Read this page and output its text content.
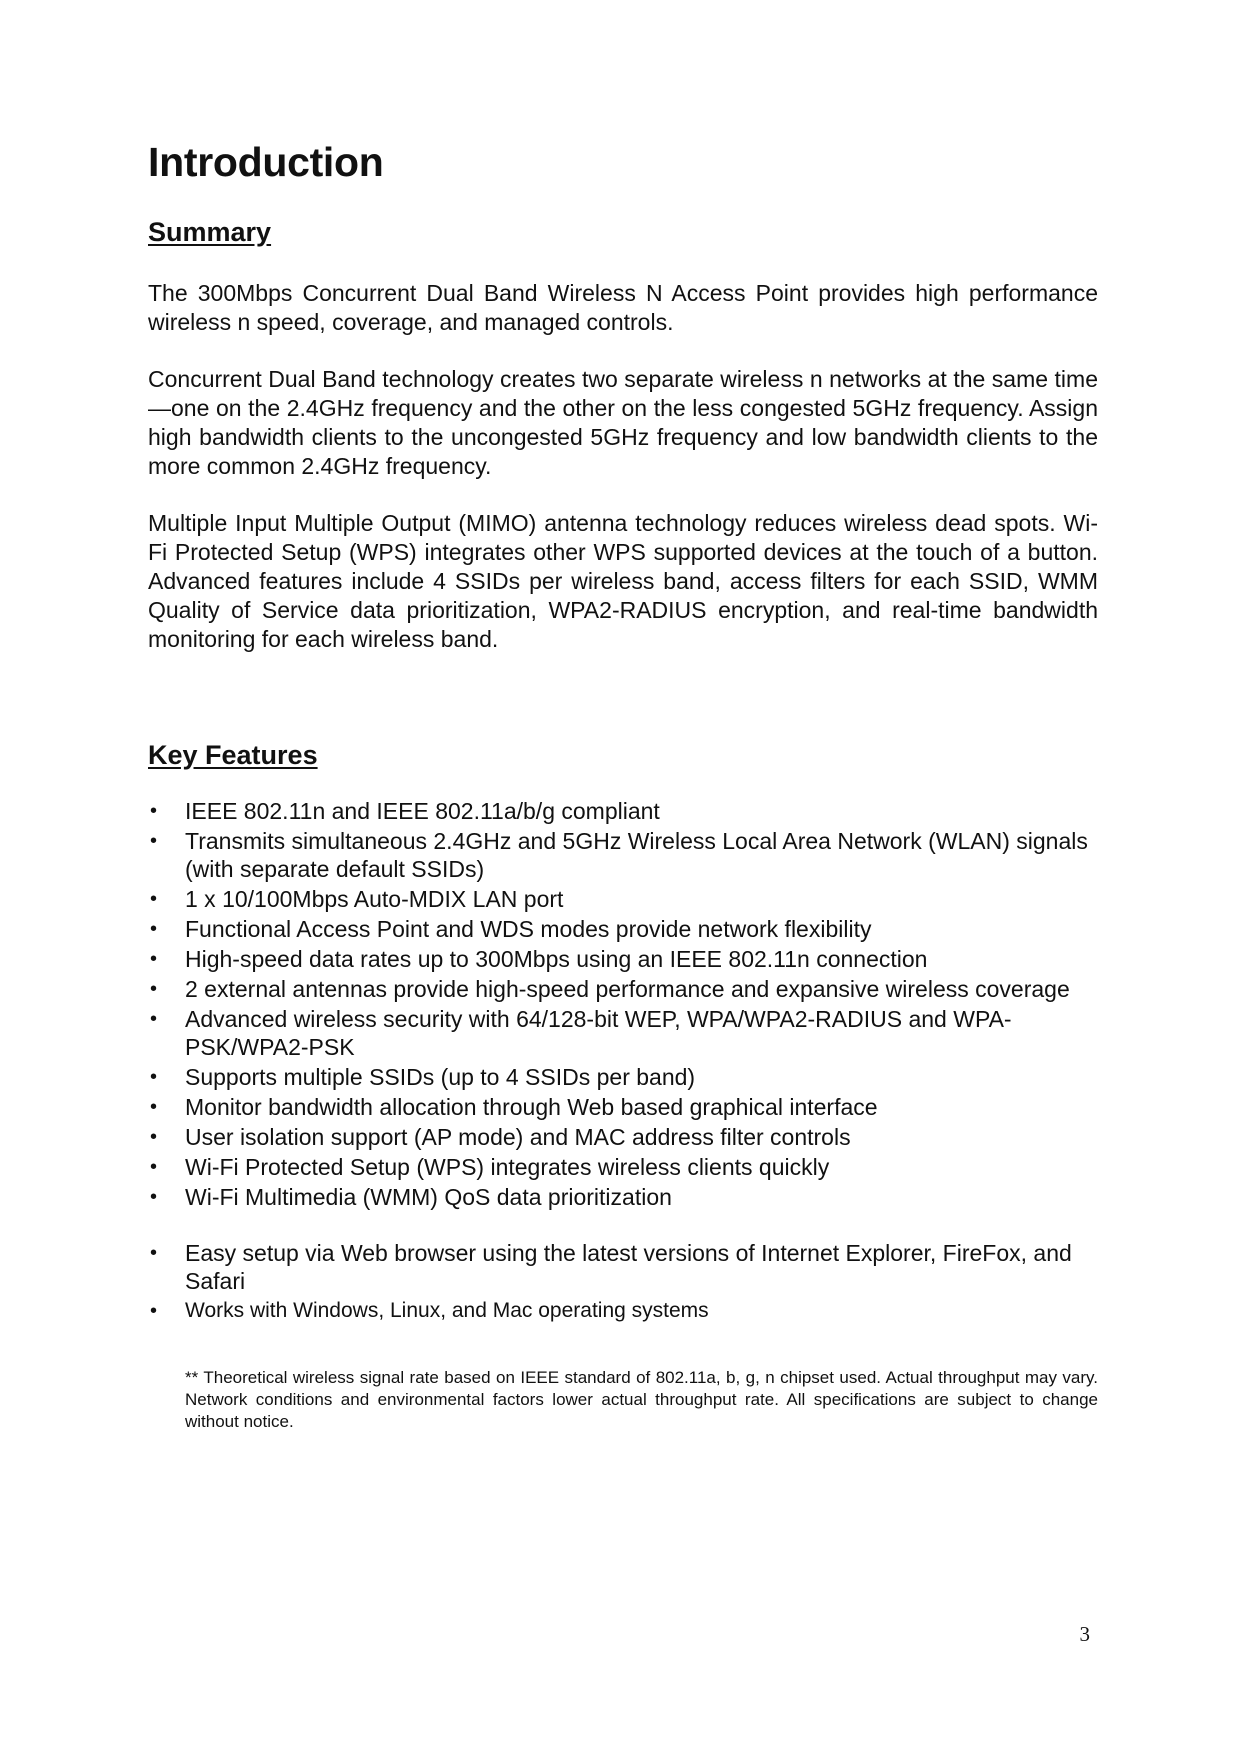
Introduction
Summary

The 300Mbps Concurrent Dual Band Wireless N Access Point provides high performance wireless n speed, coverage, and managed controls.

Concurrent Dual Band technology creates two separate wireless n networks at the same time—one on the 2.4GHz frequency and the other on the less congested 5GHz frequency. Assign high bandwidth clients to the uncongested 5GHz frequency and low bandwidth clients to the more common 2.4GHz frequency.

Multiple Input Multiple Output (MIMO) antenna technology reduces wireless dead spots. Wi-Fi Protected Setup (WPS) integrates other WPS supported devices at the touch of a button. Advanced features include 4 SSIDs per wireless band, access filters for each SSID, WMM Quality of Service data prioritization, WPA2-RADIUS encryption, and real-time bandwidth monitoring for each wireless band.

Key Features
• IEEE 802.11n and IEEE 802.11a/b/g compliant
• Transmits simultaneous 2.4GHz and 5GHz Wireless Local Area Network (WLAN) signals (with separate default SSIDs)
• 1 x 10/100Mbps Auto-MDIX LAN port
• Functional Access Point and WDS modes provide network flexibility
• High-speed data rates up to 300Mbps using an IEEE 802.11n connection
• 2 external antennas provide high-speed performance and expansive wireless coverage
• Advanced wireless security with 64/128-bit WEP, WPA/WPA2-RADIUS and WPA-PSK/WPA2-PSK
• Supports multiple SSIDs (up to 4 SSIDs per band)
• Monitor bandwidth allocation through Web based graphical interface
• User isolation support (AP mode) and MAC address filter controls
• Wi-Fi Protected Setup (WPS) integrates wireless clients quickly
• Wi-Fi Multimedia (WMM) QoS data prioritization
• Easy setup via Web browser using the latest versions of Internet Explorer, FireFox, and Safari
• Works with Windows, Linux, and Mac operating systems

** Theoretical wireless signal rate based on IEEE standard of 802.11a, b, g, n chipset used. Actual throughput may vary. Network conditions and environmental factors lower actual throughput rate. All specifications are subject to change without notice.

3
